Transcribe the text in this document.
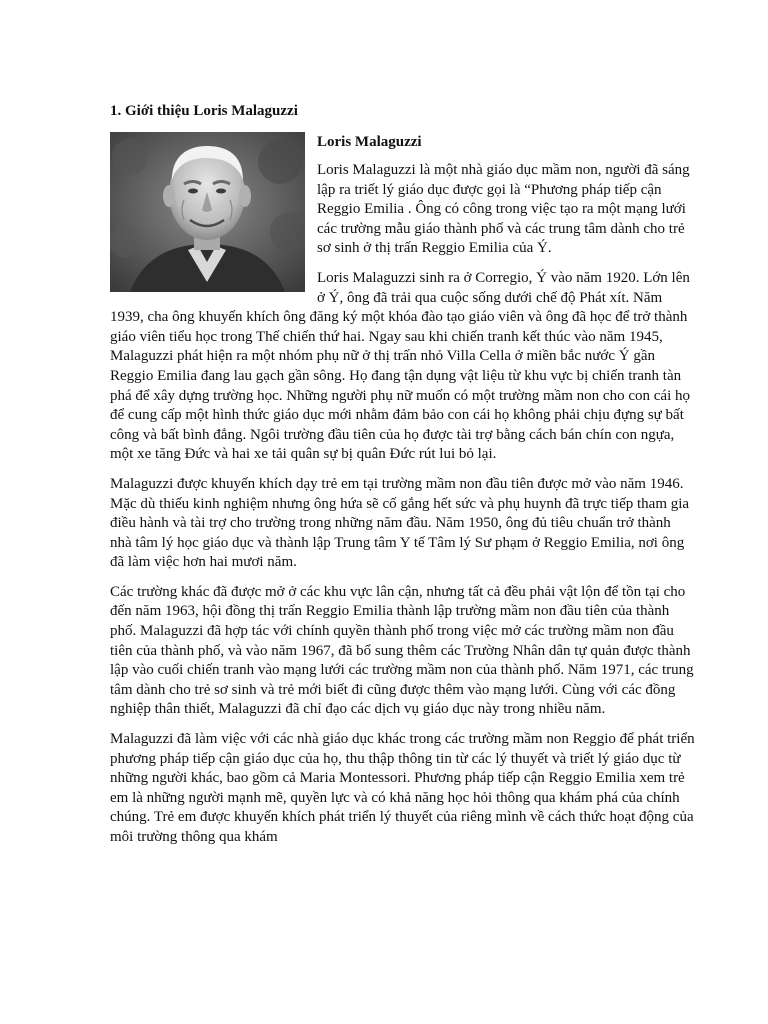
1. Giới thiệu Loris Malaguzzi
Loris Malaguzzi

Loris Malaguzzi là một nhà giáo dục mầm non, người đã sáng lập ra triết lý giáo dục được gọi là “Phương pháp tiếp cận Reggio Emilia . Ông có công trong việc tạo ra một mạng lưới các trường mẫu giáo thành phố và các trung tâm dành cho trẻ sơ sinh ở thị trấn Reggio Emilia của Ý.

Loris Malaguzzi sinh ra ở Corregio, Ý vào năm 1920. Lớn lên ở Ý, ông đã trải qua cuộc sống dưới chế độ Phát xít. Năm 1939, cha ông khuyến khích ông đăng ký một khóa đào tạo giáo viên và ông đã học để trở thành giáo viên tiểu học trong Thế chiến thứ hai. Ngay sau khi chiến tranh kết thúc vào năm 1945, Malaguzzi phát hiện ra một nhóm phụ nữ ở thị trấn nhỏ Villa Cella ở miền bắc nước Ý gần Reggio Emilia đang lau gạch gần sông. Họ đang tận dụng vật liệu từ khu vực bị chiến tranh tàn phá để xây dựng trường học. Những người phụ nữ muốn có một trường mầm non cho con cái họ để cung cấp một hình thức giáo dục mới nhằm đảm bảo con cái họ không phải chịu đựng sự bất công và bất bình đẳng. Ngôi trường đầu tiên của họ được tài trợ bằng cách bán chín con ngựa, một xe tăng Đức và hai xe tải quân sự bị quân Đức rút lui bỏ lại.

Malaguzzi được khuyến khích dạy trẻ em tại trường mầm non đầu tiên được mở vào năm 1946. Mặc dù thiếu kinh nghiệm nhưng ông hứa sẽ cố gắng hết sức và phụ huynh đã trực tiếp tham gia điều hành và tài trợ cho trường trong những năm đầu. Năm 1950, ông đủ tiêu chuẩn trở thành nhà tâm lý học giáo dục và thành lập Trung tâm Y tế Tâm lý Sư phạm ở Reggio Emilia, nơi ông đã làm việc hơn hai mươi năm.

Các trường khác đã được mở ở các khu vực lân cận, nhưng tất cả đều phải vật lộn để tồn tại cho đến năm 1963, hội đồng thị trấn Reggio Emilia thành lập trường mầm non đầu tiên của thành phố. Malaguzzi đã hợp tác với chính quyền thành phố trong việc mở các trường mầm non đầu tiên của thành phố, và vào năm 1967, đã bổ sung thêm các Trường Nhân dân tự quản được thành lập vào cuối chiến tranh vào mạng lưới các trường mầm non của thành phố. Năm 1971, các trung tâm dành cho trẻ sơ sinh và trẻ mới biết đi cũng được thêm vào mạng lưới. Cùng với các đồng nghiệp thân thiết, Malaguzzi đã chỉ đạo các dịch vụ giáo dục này trong nhiều năm.

Malaguzzi đã làm việc với các nhà giáo dục khác trong các trường mầm non Reggio để phát triển phương pháp tiếp cận giáo dục của họ, thu thập thông tin từ các lý thuyết và triết lý giáo dục từ những người khác, bao gồm cả Maria Montessori. Phương pháp tiếp cận Reggio Emilia xem trẻ em là những người mạnh mẽ, quyền lực và có khả năng học hỏi thông qua khám phá của chính chúng. Trẻ em được khuyến khích phát triển lý thuyết của riêng mình về cách thức hoạt động của môi trường thông qua khám
